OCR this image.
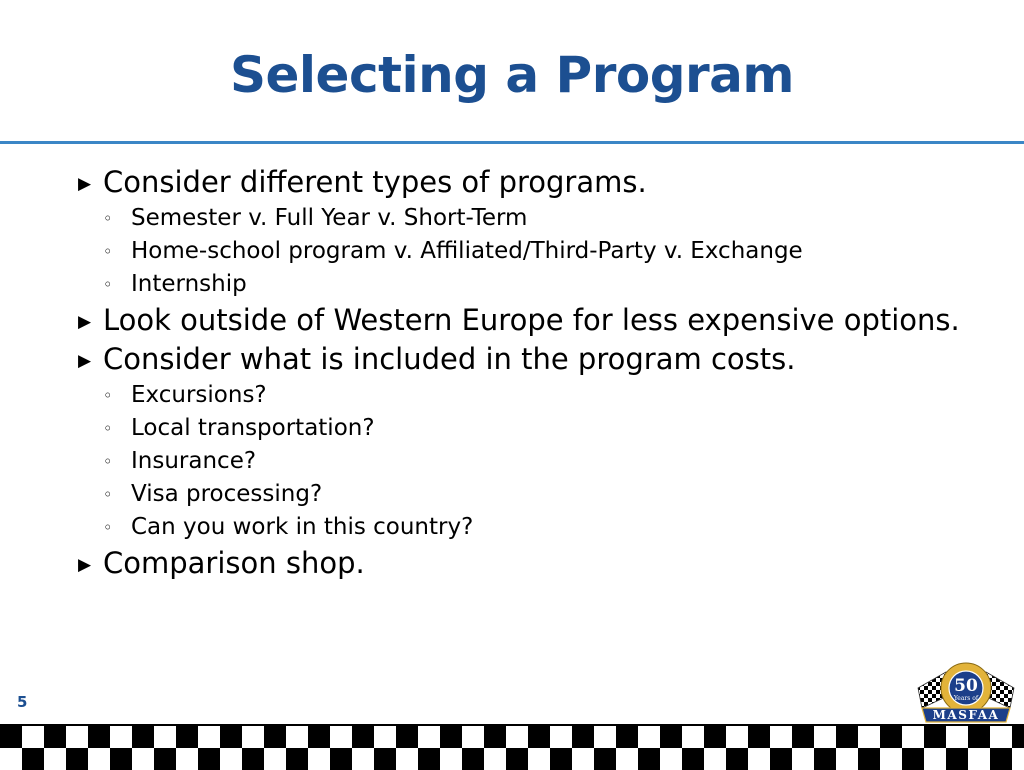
Selecting a Program
▶ Consider different types of programs.
◦ Semester v. Full Year v. Short-Term
◦ Home-school program v. Affiliated/Third-Party v. Exchange
◦ Internship
▶ Look outside of Western Europe for less expensive options.
▶ Consider what is included in the program costs.
◦ Excursions?
◦ Local transportation?
◦ Insurance?
◦ Visa processing?
◦ Can you work in this country?
▶ Comparison shop.
5
50
Years of
MASFAA
